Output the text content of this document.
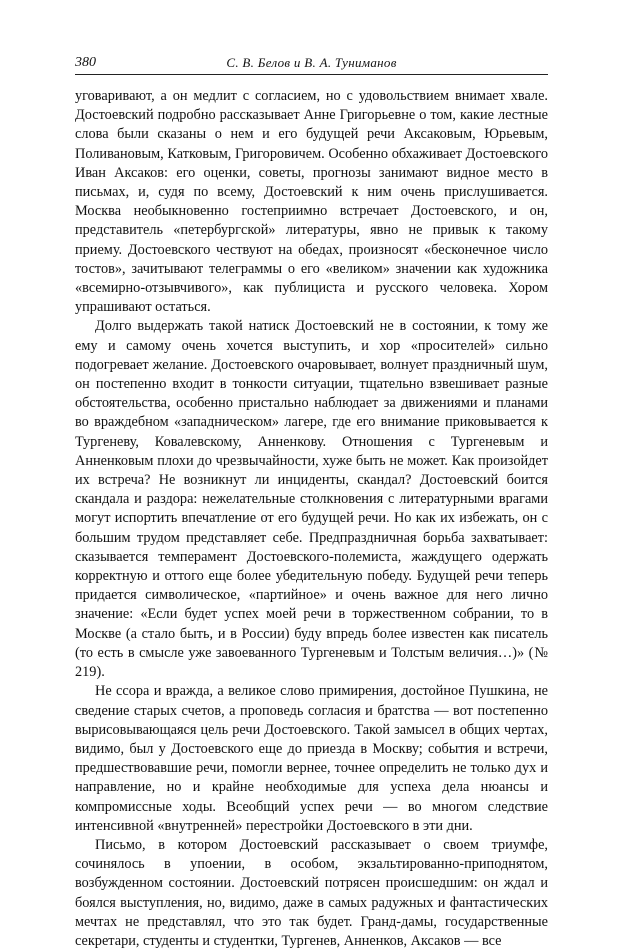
380	С. В. Белов и В. А. Туниманов

уговаривают, а он медлит с согласием, но с удовольствием внимает хвале. Достоевский подробно рассказывает Анне Григорьевне о том, какие лестные слова были сказаны о нем и его будущей речи Аксаковым, Юрьевым, Поливановым, Катковым, Григоровичем. Особенно обхаживает Достоевского Иван Аксаков: его оценки, советы, прогнозы занимают видное место в письмах, и, судя по всему, Достоевский к ним очень прислушивается. Москва необыкновенно гостеприимно встречает Достоевского, и он, представитель «петербургской» литературы, явно не привык к такому приему. Достоевского чествуют на обедах, произносят «бесконечное число тостов», зачитывают телеграммы о его «великом» значении как художника «всемирно-отзывчивого», как публициста и русского человека. Хором упрашивают остаться.

Долго выдержать такой натиск Достоевский не в состоянии, к тому же ему и самому очень хочется выступить, и хор «просителей» сильно подогревает желание. Достоевского очаровывает, волнует праздничный шум, он постепенно входит в тонкости ситуации, тщательно взвешивает разные обстоятельства, особенно пристально наблюдает за движениями и планами во враждебном «западническом» лагере, где его внимание приковывается к Тургеневу, Ковалевскому, Анненкову. Отношения с Тургеневым и Анненковым плохи до чрезвычайности, хуже быть не может. Как произойдет их встреча? Не возникнут ли инциденты, скандал? Достоевский боится скандала и раздора: нежелательные столкновения с литературными врагами могут испортить впечатление от его будущей речи. Но как их избежать, он с большим трудом представляет себе. Предпраздничная борьба захватывает: сказывается темперамент Достоевского-полемиста, жаждущего одержать корректную и оттого еще более убедительную победу. Будущей речи теперь придается символическое, «партийное» и очень важное для него лично значение: «Если будет успех моей речи в торжественном собрании, то в Москве (а стало быть, и в России) буду впредь более известен как писатель (то есть в смысле уже завоеванного Тургеневым и Толстым величия…)» (№ 219).

Не ссора и вражда, а великое слово примирения, достойное Пушкина, не сведение старых счетов, а проповедь согласия и братства — вот постепенно вырисовывающаяся цель речи Достоевского. Такой замысел в общих чертах, видимо, был у Достоевского еще до приезда в Москву; события и встречи, предшествовавшие речи, помогли вернее, точнее определить не только дух и направление, но и крайне необходимые для успеха дела нюансы и компромиссные ходы. Всеобщий успех речи — во многом следствие интенсивной «внутренней» перестройки Достоевского в эти дни.

Письмо, в котором Достоевский рассказывает о своем триумфе, сочинялось в упоении, в особом, экзальтированно-приподнятом, возбужденном состоянии. Достоевский потрясен происшедшим: он ждал и боялся выступления, но, видимо, даже в самых радужных и фантастических мечтах не представлял, что это так будет. Гранд-дамы, государственные секретари, студенты и студентки, Тургенев, Анненков, Аксаков — все
